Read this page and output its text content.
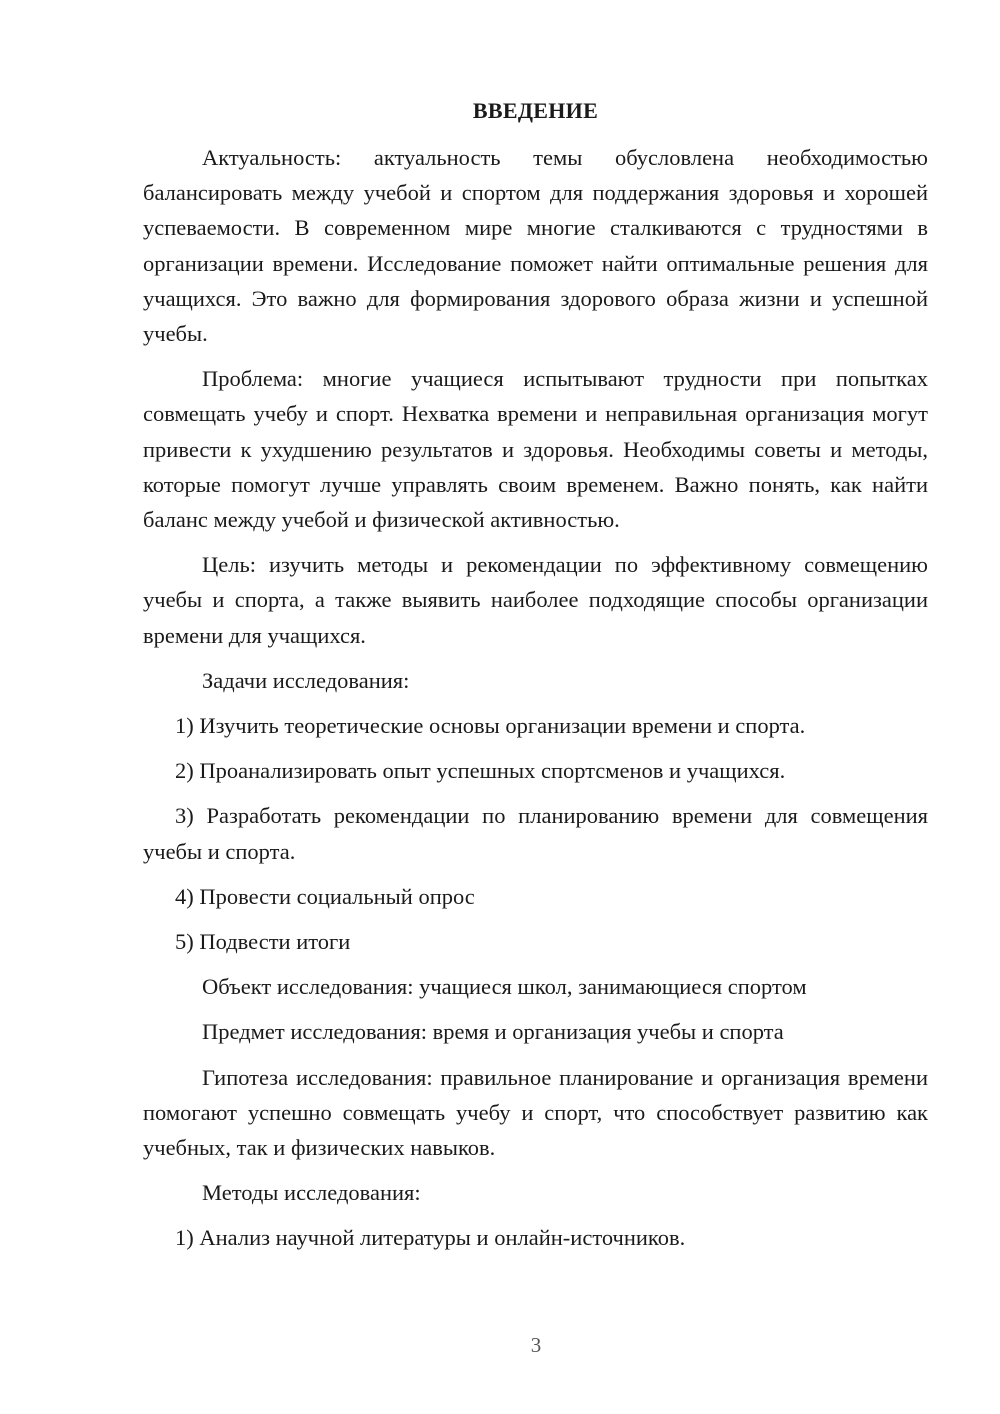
ВВЕДЕНИЕ

Актуальность: актуальность темы обусловлена необходимостью балансировать между учебой и спортом для поддержания здоровья и хорошей успеваемости. В современном мире многие сталкиваются с трудностями в организации времени. Исследование поможет найти оптимальные решения для учащихся. Это важно для формирования здорового образа жизни и успешной учебы.

Проблема: многие учащиеся испытывают трудности при попытках совмещать учебу и спорт. Нехватка времени и неправильная организация могут привести к ухудшению результатов и здоровья. Необходимы советы и методы, которые помогут лучше управлять своим временем. Важно понять, как найти баланс между учебой и физической активностью.

Цель: изучить методы и рекомендации по эффективному совмещению учебы и спорта, а также выявить наиболее подходящие способы организации времени для учащихся.

Задачи исследования:

1) Изучить теоретические основы организации времени и спорта.

2) Проанализировать опыт успешных спортсменов и учащихся.

3) Разработать рекомендации по планированию времени для совмещения учебы и спорта.

4) Провести социальный опрос

5) Подвести итоги

Объект исследования: учащиеся школ, занимающиеся спортом

Предмет исследования: время и организация учебы и спорта

Гипотеза исследования: правильное планирование и организация времени помогают успешно совмещать учебу и спорт, что способствует развитию как учебных, так и физических навыков.

Методы исследования:

1) Анализ научной литературы и онлайн-источников.

3
